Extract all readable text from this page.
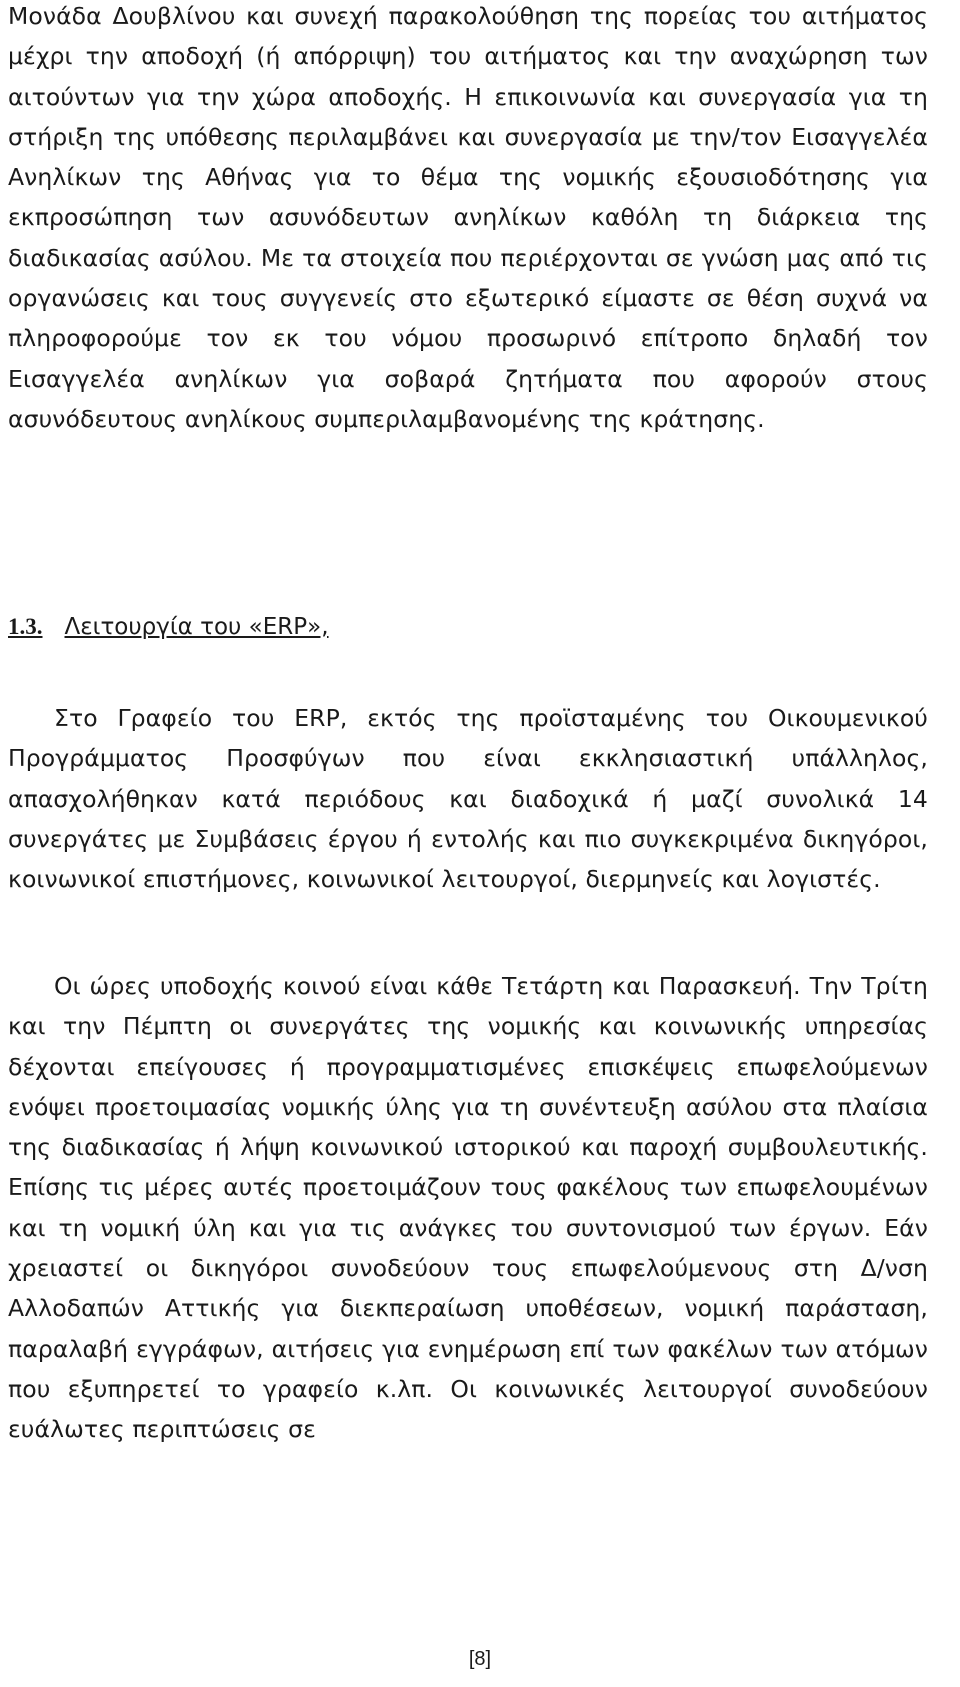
Μονάδα Δουβλίνου και συνεχή παρακολούθηση της πορείας του αιτήματος μέχρι την αποδοχή (ή απόρριψη) του αιτήματος και την αναχώρηση των αιτούντων για την χώρα αποδοχής. Η επικοινωνία και συνεργασία για τη στήριξη της υπόθεσης περιλαμβάνει και συνεργασία με την/τον Εισαγγελέα Ανηλίκων της Αθήνας για το θέμα της νομικής εξουσιοδότησης για εκπροσώπηση των ασυνόδευτων ανηλίκων καθόλη τη διάρκεια της διαδικασίας ασύλου. Με τα στοιχεία που περιέρχονται σε γνώση μας από τις οργανώσεις και τους συγγενείς στο εξωτερικό είμαστε σε θέση συχνά να πληροφορούμε τον εκ του νόμου προσωρινό επίτροπο δηλαδή τον Εισαγγελέα ανηλίκων για σοβαρά ζητήματα που αφορούν στους ασυνόδευτους ανηλίκους συμπεριλαμβανομένης της κράτησης.

1.3. Λειτουργία του «ERP»,

Στο Γραφείο του ERP, εκτός της προϊσταμένης του Οικουμενικού Προγράμματος Προσφύγων που είναι εκκλησιαστική υπάλληλος, απασχολήθηκαν κατά περιόδους και διαδοχικά ή μαζί συνολικά 14 συνεργάτες με Συμβάσεις έργου ή εντολής και πιο συγκεκριμένα δικηγόροι, κοινωνικοί επιστήμονες, κοινωνικοί λειτουργοί, διερμηνείς και λογιστές.

Οι ώρες υποδοχής κοινού είναι κάθε Τετάρτη και Παρασκευή. Την Τρίτη και την Πέμπτη οι συνεργάτες της νομικής και κοινωνικής υπηρεσίας δέχονται επείγουσες ή προγραμματισμένες επισκέψεις επωφελούμενων ενόψει προετοιμασίας νομικής ύλης για τη συνέντευξη ασύλου στα πλαίσια της διαδικασίας ή λήψη κοινωνικού ιστορικού και παροχή συμβουλευτικής. Επίσης τις μέρες αυτές προετοιμάζουν τους φακέλους των επωφελουμένων και τη νομική ύλη και για τις ανάγκες του συντονισμού των έργων. Εάν χρειαστεί οι δικηγόροι συνοδεύουν τους επωφελούμενους στη Δ/νση Αλλοδαπών Αττικής για διεκπεραίωση υποθέσεων, νομική παράσταση, παραλαβή εγγράφων, αιτήσεις για ενημέρωση επί των φακέλων των ατόμων που εξυπηρετεί το γραφείο κ.λπ. Οι κοινωνικές λειτουργοί συνοδεύουν ευάλωτες περιπτώσεις σε

[8]
